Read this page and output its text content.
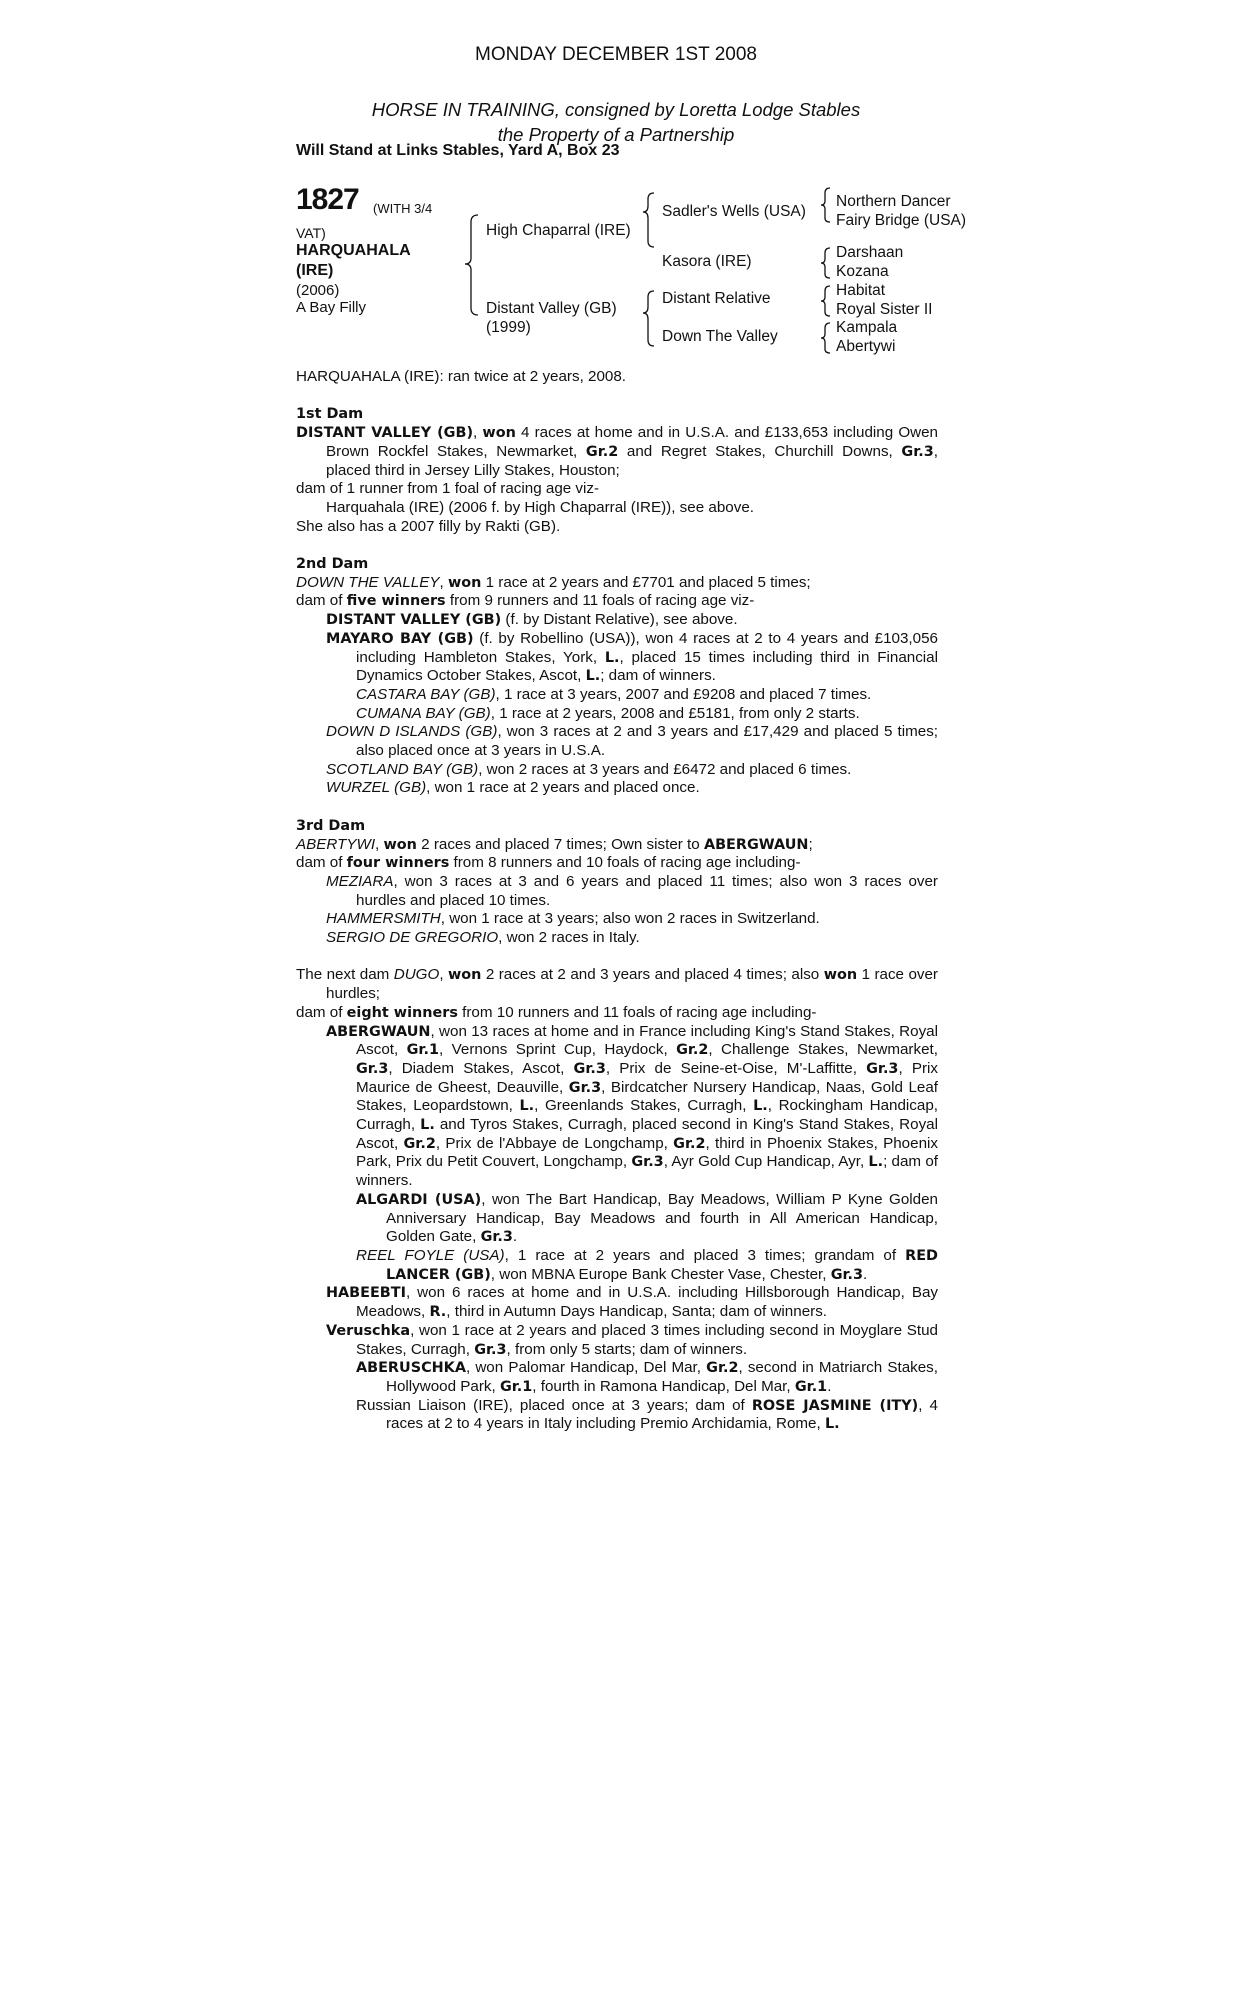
MONDAY DECEMBER 1ST 2008
HORSE IN TRAINING, consigned by Loretta Lodge Stables
the Property of a Partnership
Will Stand at Links Stables, Yard A, Box 23
1827 (WITH 3/4
VAT)
HARQUAHALA
(IRE)
(2006)
A Bay Filly
High Chaparral (IRE)
Distant Valley (GB)
(1999)
Sadler's Wells (USA)
Kasora (IRE)
Distant Relative
Down The Valley
Northern Dancer
Fairy Bridge (USA)
Darshaan
Kozana
Habitat
Royal Sister II
Kampala
Abertywi

HARQUAHALA (IRE): ran twice at 2 years, 2008.

1st Dam

DISTANT VALLEY (GB), won 4 races at home and in U.S.A. and £133,653 including Owen Brown Rockfel Stakes, Newmarket, Gr.2 and Regret Stakes, Churchill Downs, Gr.3, placed third in Jersey Lilly Stakes, Houston;

dam of 1 runner from 1 foal of racing age viz-

Harquahala (IRE) (2006 f. by High Chaparral (IRE)), see above.

She also has a 2007 filly by Rakti (GB).

2nd Dam

DOWN THE VALLEY, won 1 race at 2 years and £7701 and placed 5 times;

dam of five winners from 9 runners and 11 foals of racing age viz-

DISTANT VALLEY (GB) (f. by Distant Relative), see above.

MAYARO BAY (GB) (f. by Robellino (USA)), won 4 races at 2 to 4 years and £103,056 including Hambleton Stakes, York, L., placed 15 times including third in Financial Dynamics October Stakes, Ascot, L.; dam of winners.

CASTARA BAY (GB), 1 race at 3 years, 2007 and £9208 and placed 7 times.

CUMANA BAY (GB), 1 race at 2 years, 2008 and £5181, from only 2 starts.

DOWN D ISLANDS (GB), won 3 races at 2 and 3 years and £17,429 and placed 5 times; also placed once at 3 years in U.S.A.

SCOTLAND BAY (GB), won 2 races at 3 years and £6472 and placed 6 times.

WURZEL (GB), won 1 race at 2 years and placed once.

3rd Dam

ABERTYWI, won 2 races and placed 7 times; Own sister to ABERGWAUN;

dam of four winners from 8 runners and 10 foals of racing age including-

MEZIARA, won 3 races at 3 and 6 years and placed 11 times; also won 3 races over hurdles and placed 10 times.

HAMMERSMITH, won 1 race at 3 years; also won 2 races in Switzerland.

SERGIO DE GREGORIO, won 2 races in Italy.

The next dam DUGO, won 2 races at 2 and 3 years and placed 4 times; also won 1 race over hurdles;

dam of eight winners from 10 runners and 11 foals of racing age including-

ABERGWAUN, won 13 races at home and in France including King's Stand Stakes, Royal Ascot, Gr.1, Vernons Sprint Cup, Haydock, Gr.2, Challenge Stakes, Newmarket, Gr.3, Diadem Stakes, Ascot, Gr.3, Prix de Seine-et-Oise, M'-Laffitte, Gr.3, Prix Maurice de Gheest, Deauville, Gr.3, Birdcatcher Nursery Handicap, Naas, Gold Leaf Stakes, Leopardstown, L., Greenlands Stakes, Curragh, L., Rockingham Handicap, Curragh, L. and Tyros Stakes, Curragh, placed second in King's Stand Stakes, Royal Ascot, Gr.2, Prix de l'Abbaye de Longchamp, Gr.2, third in Phoenix Stakes, Phoenix Park, Prix du Petit Couvert, Longchamp, Gr.3, Ayr Gold Cup Handicap, Ayr, L.; dam of winners.

ALGARDI (USA), won The Bart Handicap, Bay Meadows, William P Kyne Golden Anniversary Handicap, Bay Meadows and fourth in All American Handicap, Golden Gate, Gr.3.

REEL FOYLE (USA), 1 race at 2 years and placed 3 times; grandam of RED LANCER (GB), won MBNA Europe Bank Chester Vase, Chester, Gr.3.

HABEEBTI, won 6 races at home and in U.S.A. including Hillsborough Handicap, Bay Meadows, R., third in Autumn Days Handicap, Santa; dam of winners.

Veruschka, won 1 race at 2 years and placed 3 times including second in Moyglare Stud Stakes, Curragh, Gr.3, from only 5 starts; dam of winners.

ABERUSCHKA, won Palomar Handicap, Del Mar, Gr.2, second in Matriarch Stakes, Hollywood Park, Gr.1, fourth in Ramona Handicap, Del Mar, Gr.1.

Russian Liaison (IRE), placed once at 3 years; dam of ROSE JASMINE (ITY), 4 races at 2 to 4 years in Italy including Premio Archidamia, Rome, L.
